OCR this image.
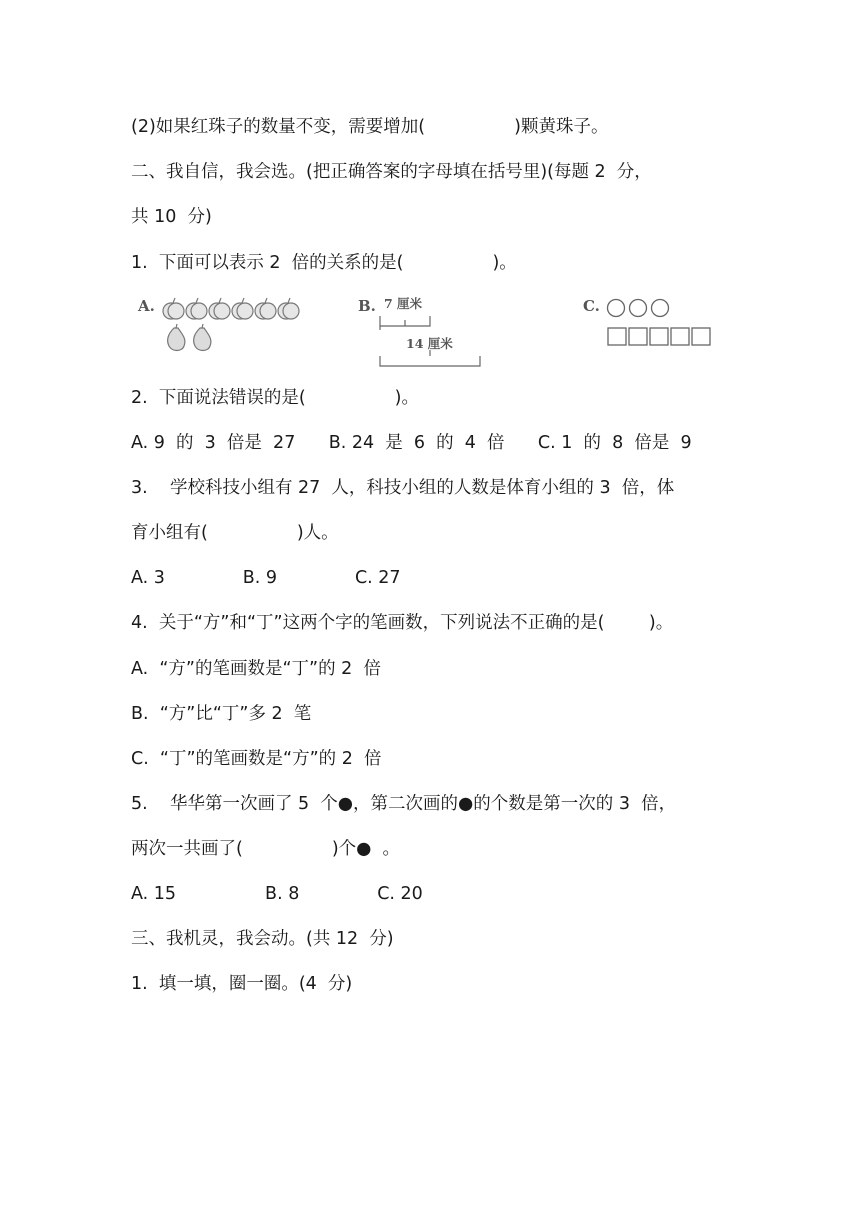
(2)如果红珠子的数量不变，需要增加(                )颗黄珠子。
二、我自信，我会选。(把正确答案的字母填在括号里)(每题 2  分，
共 10  分)
1.  下面可以表示 2  倍的关系的是(                )。
A.	B. 7 厘米
14 厘米
C.
2.  下面说法错误的是(                )。
A. 9  的  3  倍是  27      B. 24  是  6  的  4  倍      C. 1  的  8  倍是  9
3.    学校科技小组有 27  人，科技小组的人数是体育小组的 3  倍，体
育小组有(                )人。
A. 3              B. 9              C. 27
4.  关于“方”和“丁”这两个字的笔画数，下列说法不正确的是(        )。
A.  “方”的笔画数是“丁”的 2  倍
B.  “方”比“丁”多 2  笔
C.  “丁”的笔画数是“方”的 2  倍
5.    华华第一次画了 5  个●，第二次画的●的个数是第一次的 3  倍，
两次一共画了(                )个●  。
A. 15                B. 8              C. 20
三、我机灵，我会动。(共 12  分)
1.  填一填，圈一圈。(4  分)
